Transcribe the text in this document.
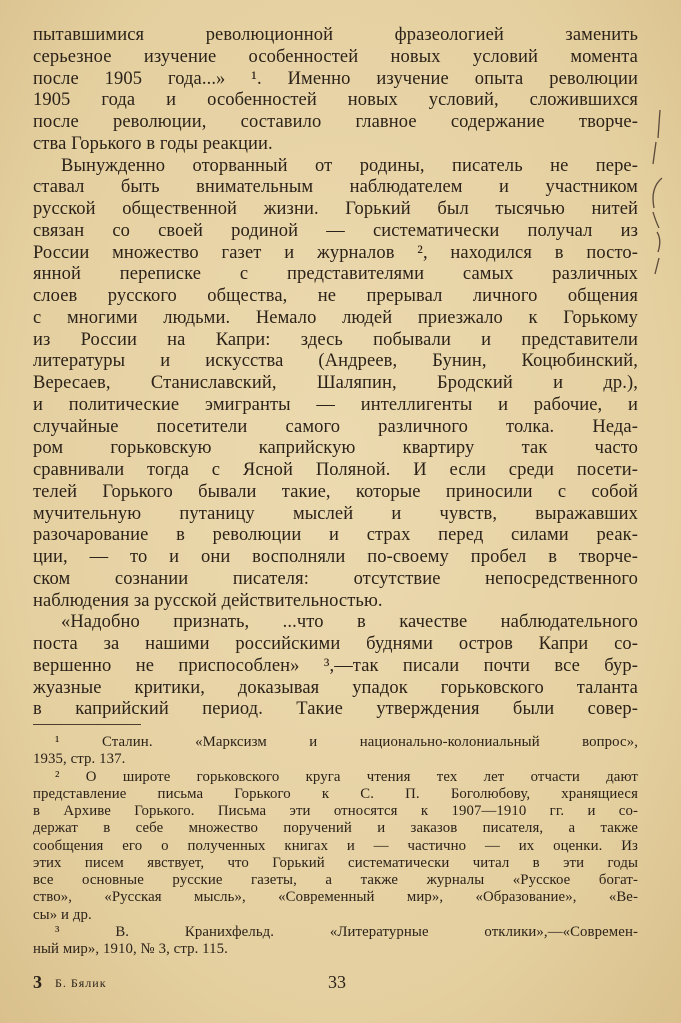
пытавшимися революционной фразеологией заменить
серьезное изучение особенностей новых условий момента
после 1905 года...» ¹. Именно изучение опыта революции
1905 года и особенностей новых условий, сложившихся
после революции, составило главное содержание творче-
ства Горького в годы реакции.
Вынужденно оторванный от родины, писатель не пере-
ставал быть внимательным наблюдателем и участником
русской общественной жизни. Горький был тысячью нитей
связан со своей родиной — систематически получал из
России множество газет и журналов ², находился в посто-
янной переписке с представителями самых различных
слоев русского общества, не прерывал личного общения
с многими людьми. Немало людей приезжало к Горькому
из России на Капри: здесь побывали и представители
литературы и искусства (Андреев, Бунин, Коцюбинский,
Вересаев, Станиславский, Шаляпин, Бродский и др.),
и политические эмигранты — интеллигенты и рабочие, и
случайные посетители самого различного толка. Неда-
ром горьковскую каприйскую квартиру так часто
сравнивали тогда с Ясной Поляной. И если среди посети-
телей Горького бывали такие, которые приносили с собой
мучительную путаницу мыслей и чувств, выражавших
разочарование в революции и страх перед силами реак-
ции, — то и они восполняли по-своему пробел в творче-
ском сознании писателя: отсутствие непосредственного
наблюдения за русской действительностью.
«Надобно признать, ...что в качестве наблюдательного
поста за нашими российскими буднями остров Капри со-
вершенно не приспособлен» ³,—так писали почти все бур-
жуазные критики, доказывая упадок горьковского таланта
в каприйский период. Такие утверждения были совер-
¹ Сталин. «Марксизм и национально-колониальный вопрос»,
1935, стр. 137.
² О широте горьковского круга чтения тех лет отчасти дают
представление письма Горького к С. П. Боголюбову, хранящиеся
в Архиве Горького. Письма эти относятся к 1907—1910 гг. и со-
держат в себе множество поручений и заказов писателя, а также
сообщения его о полученных книгах и — частично — их оценки. Из
этих писем явствует, что Горький систематически читал в эти годы
все основные русские газеты, а также журналы «Русское богат-
ство», «Русская мысль», «Современный мир», «Образование», «Ве-
сы» и др.
³ В. Кранихфельд. «Литературные отклики»,—«Современ-
ный мир», 1910, № 3, стр. 115.
3 Б. Бялик	33
